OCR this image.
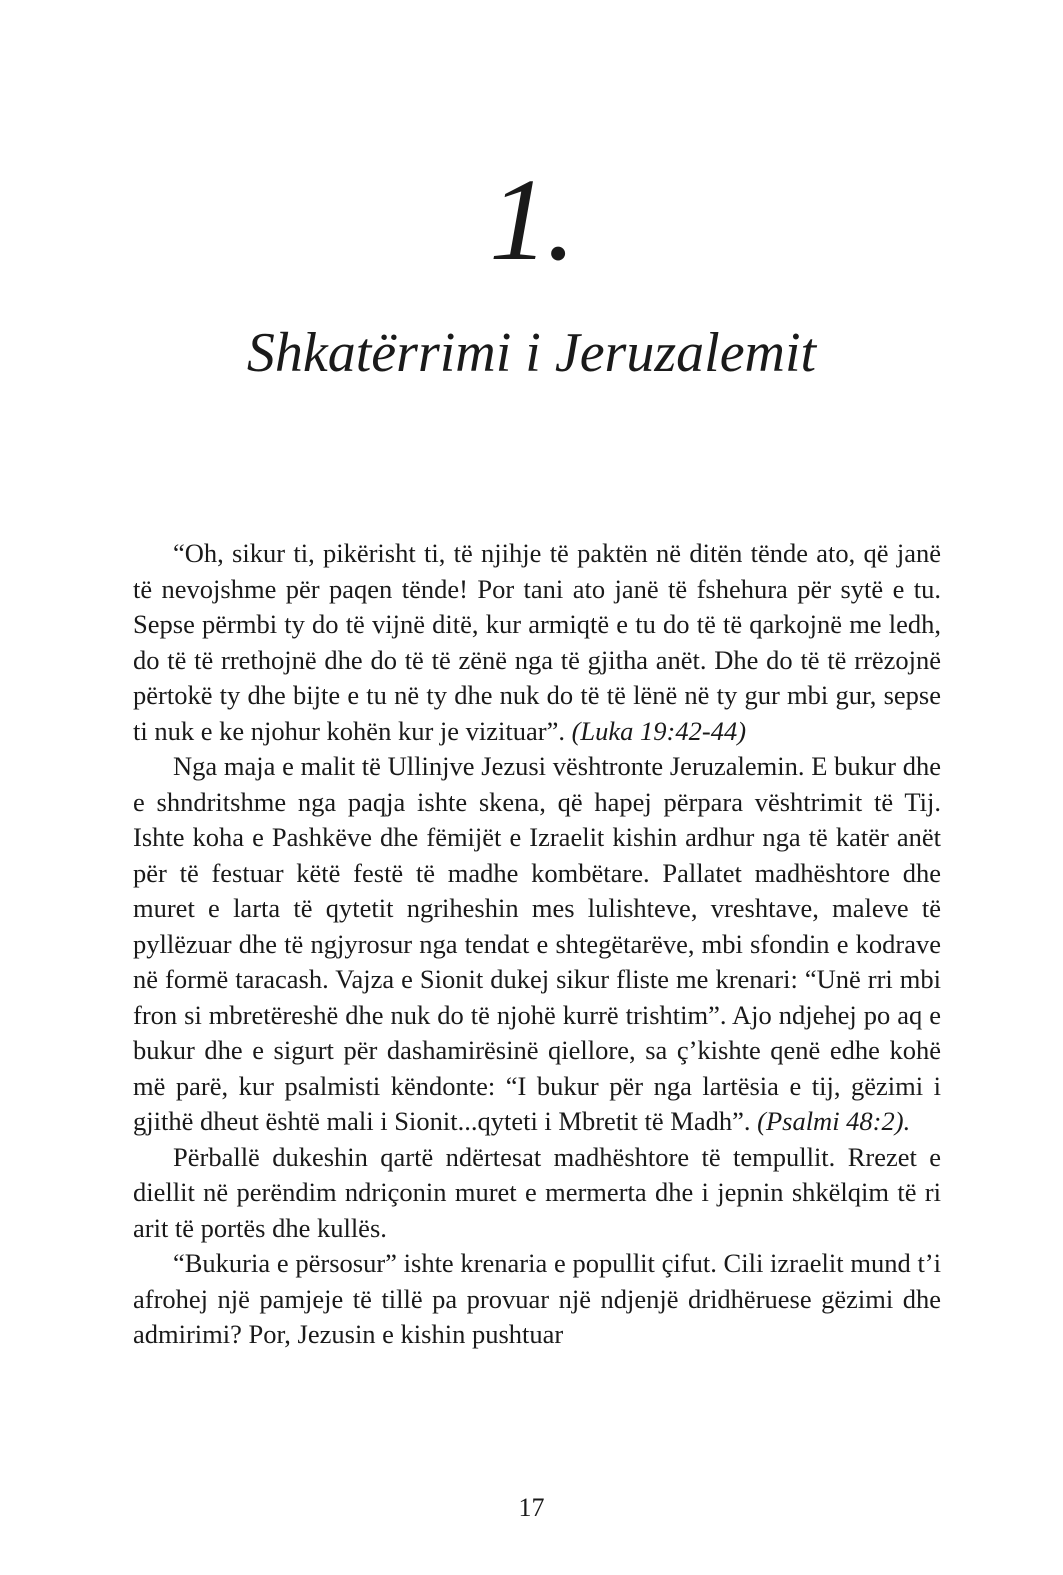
1.
Shkatërrimi i Jeruzalemit

“Oh, sikur ti, pikërisht ti, të njihje të paktën në ditën tënde ato, që janë të nevojshme për paqen tënde! Por tani ato janë të fshehura për sytë e tu. Sepse përmbi ty do të vijnë ditë, kur armiqtë e tu do të të qarkojnë me ledh, do të të rrethojnë dhe do të të zënë nga të gjitha anët. Dhe do të të rrëzojnë përtokë ty dhe bijte e tu në ty dhe nuk do të të lënë në ty gur mbi gur, sepse ti nuk e ke njohur kohën kur je vizituar”. (Luka 19:42-44)

Nga maja e malit të Ullinjve Jezusi vështronte Jeruzalemin. E bukur dhe e shndritshme nga paqja ishte skena, që hapej përpara vështrimit të Tij. Ishte koha e Pashkëve dhe fëmijët e Izraelit kishin ardhur nga të katër anët për të festuar këtë festë të madhe kombëtare. Pallatet madhështore dhe muret e larta të qytetit ngriheshin mes lulishteve, vreshtave, maleve të pyllëzuar dhe të ngjyrosur nga tendat e shtegëtarëve, mbi sfondin e kodrave në formë taracash. Vajza e Sionit dukej sikur fliste me krenari: “Unë rri mbi fron si mbretëreshë dhe nuk do të njohë kurrë trishtim”. Ajo ndjehej po aq e bukur dhe e sigurt për dashamirësinë qiellore, sa ç’kishte qenë edhe kohë më parë, kur psalmisti këndonte: “I bukur për nga lartësia e tij, gëzimi i gjithë dheut është mali i Sionit...qyteti i Mbretit të Madh”. (Psalmi 48:2).

Përballë dukeshin qartë ndërtesat madhështore të tempullit. Rrezet e diellit në perëndim ndriçonin muret e mermerta dhe i jepnin shkëlqim të ri arit të portës dhe kullës.

“Bukuria e përsosur” ishte krenaria e popullit çifut. Cili izraelit mund t’i afrohej një pamjeje të tillë pa provuar një ndjenjë dridhëruese gëzimi dhe admirimi? Por, Jezusin e kishin pushtuar

17
